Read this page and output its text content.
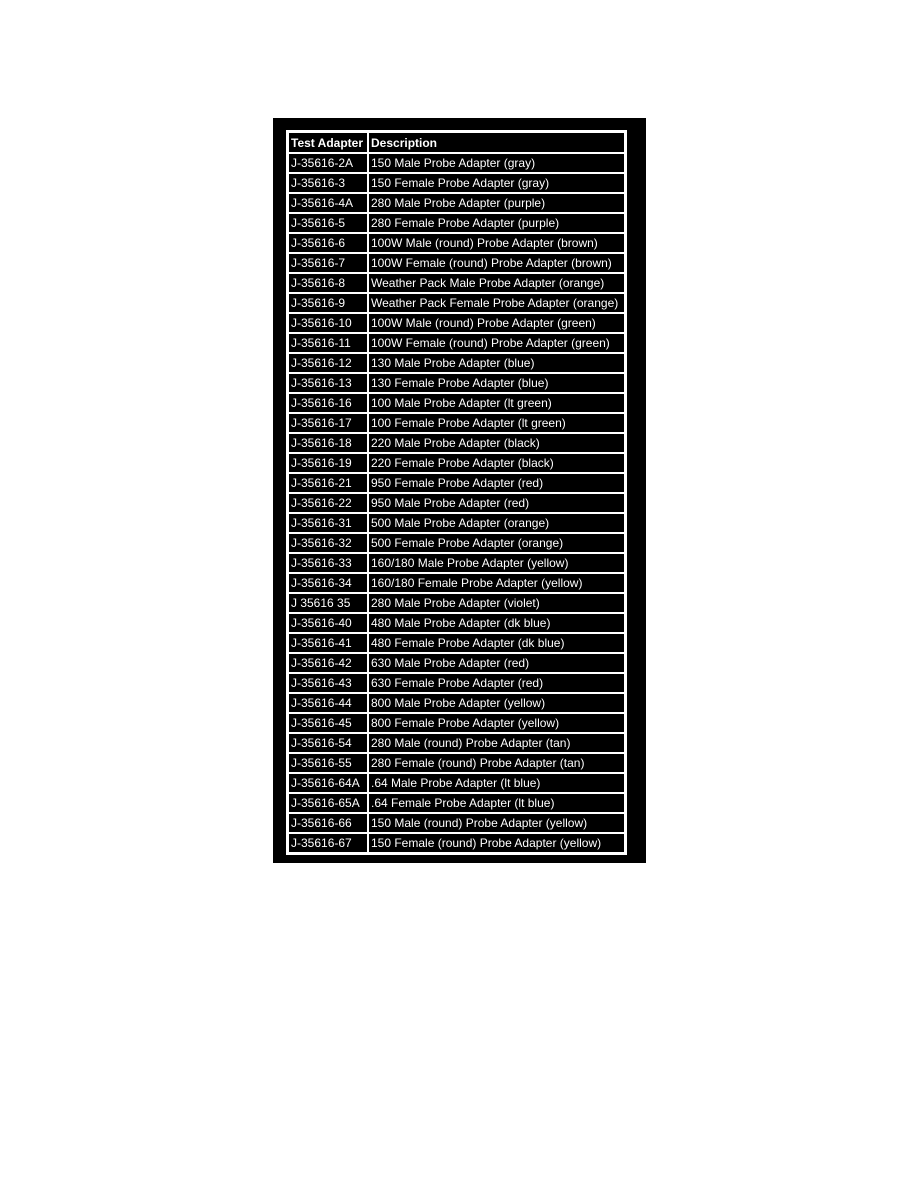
Test Adapter	Description
J-35616-2A	150 Male Probe Adapter (gray)
J-35616-3	150 Female Probe Adapter (gray)
J-35616-4A	280 Male Probe Adapter (purple)
J-35616-5	280 Female Probe Adapter (purple)
J-35616-6	100W Male (round) Probe Adapter (brown)
J-35616-7	100W Female (round) Probe Adapter (brown)
J-35616-8	Weather Pack Male Probe Adapter (orange)
J-35616-9	Weather Pack Female Probe Adapter (orange)
J-35616-10	100W Male (round) Probe Adapter (green)
J-35616-11	100W Female (round) Probe Adapter (green)
J-35616-12	130 Male Probe Adapter (blue)
J-35616-13	130 Female Probe Adapter (blue)
J-35616-16	100 Male Probe Adapter (lt green)
J-35616-17	100 Female Probe Adapter (lt green)
J-35616-18	220 Male Probe Adapter (black)
J-35616-19	220 Female Probe Adapter (black)
J-35616-21	950 Female Probe Adapter (red)
J-35616-22	950 Male Probe Adapter (red)
J-35616-31	500 Male Probe Adapter (orange)
J-35616-32	500 Female Probe Adapter (orange)
J-35616-33	160/180 Male Probe Adapter (yellow)
J-35616-34	160/180 Female Probe Adapter (yellow)
J 35616 35	280 Male Probe Adapter (violet)
J-35616-40	480 Male Probe Adapter (dk blue)
J-35616-41	480 Female Probe Adapter (dk blue)
J-35616-42	630 Male Probe Adapter (red)
J-35616-43	630 Female Probe Adapter (red)
J-35616-44	800 Male Probe Adapter (yellow)
J-35616-45	800 Female Probe Adapter (yellow)
J-35616-54	280 Male (round) Probe Adapter (tan)
J-35616-55	280 Female (round) Probe Adapter (tan)
J-35616-64A	.64 Male Probe Adapter (lt blue)
J-35616-65A	.64 Female Probe Adapter (lt blue)
J-35616-66	150 Male (round) Probe Adapter (yellow)
J-35616-67	150 Female (round) Probe Adapter (yellow)
